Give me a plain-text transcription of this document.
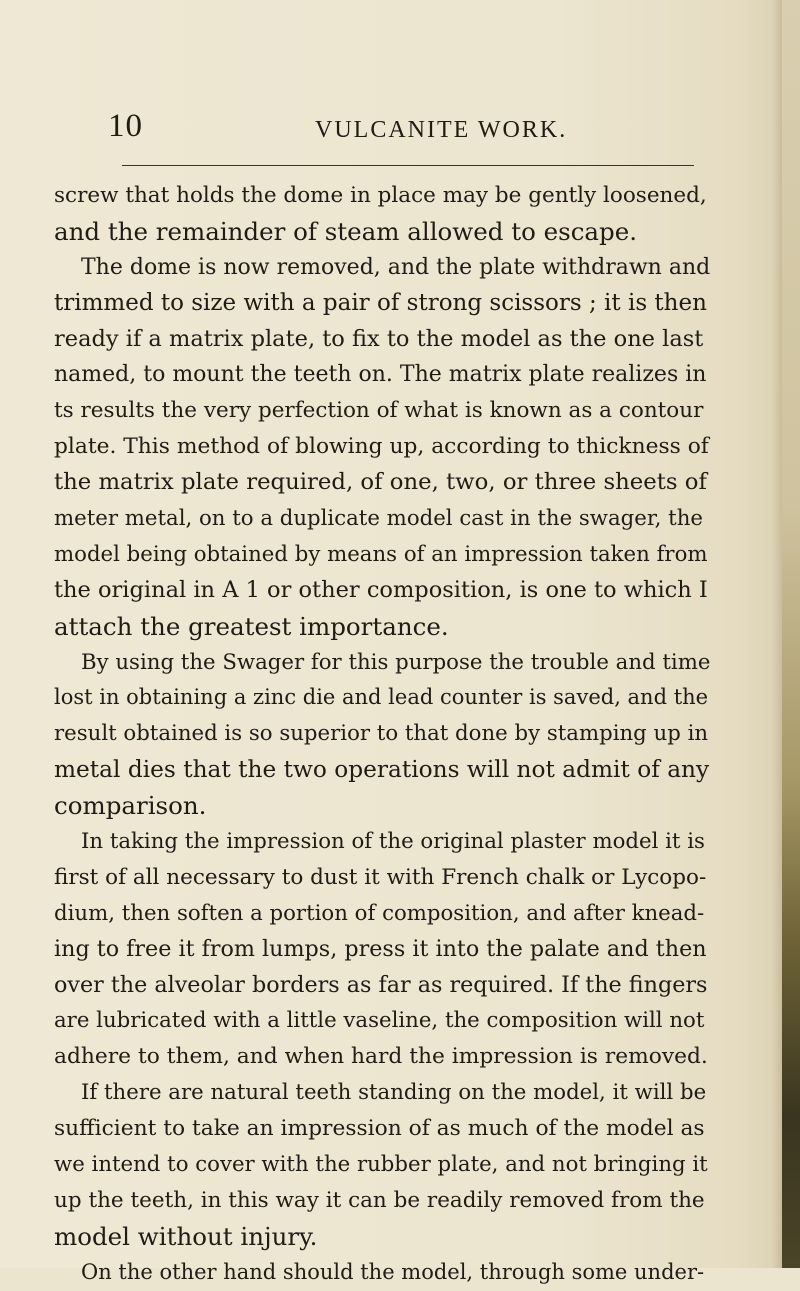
10	VULCANITE WORK.
screw that holds the dome in place may be gently loosened,
and the remainder of steam allowed to escape.
The dome is now removed, and the plate withdrawn and
trimmed to size with a pair of strong scissors ; it is then
ready if a matrix plate, to fix to the model as the one last
named, to mount the teeth on. The matrix plate realizes in
ts results the very perfection of what is known as a contour
plate. This method of blowing up, according to thickness of
the matrix plate required, of one, two, or three sheets of
meter metal, on to a duplicate model cast in the swager, the
model being obtained by means of an impression taken from
the original in A 1 or other composition, is one to which I
attach the greatest importance.
By using the Swager for this purpose the trouble and time
lost in obtaining a zinc die and lead counter is saved, and the
result obtained is so superior to that done by stamping up in
metal dies that the two operations will not admit of any
comparison.
In taking the impression of the original plaster model it is
first of all necessary to dust it with French chalk or Lycopo-
dium, then soften a portion of composition, and after knead-
ing to free it from lumps, press it into the palate and then
over the alveolar borders as far as required. If the fingers
are lubricated with a little vaseline, the composition will not
adhere to them, and when hard the impression is removed.
If there are natural teeth standing on the model, it will be
sufficient to take an impression of as much of the model as
we intend to cover with the rubber plate, and not bringing it
up the teeth, in this way it can be readily removed from the
model without injury.
On the other hand should the model, through some under-
